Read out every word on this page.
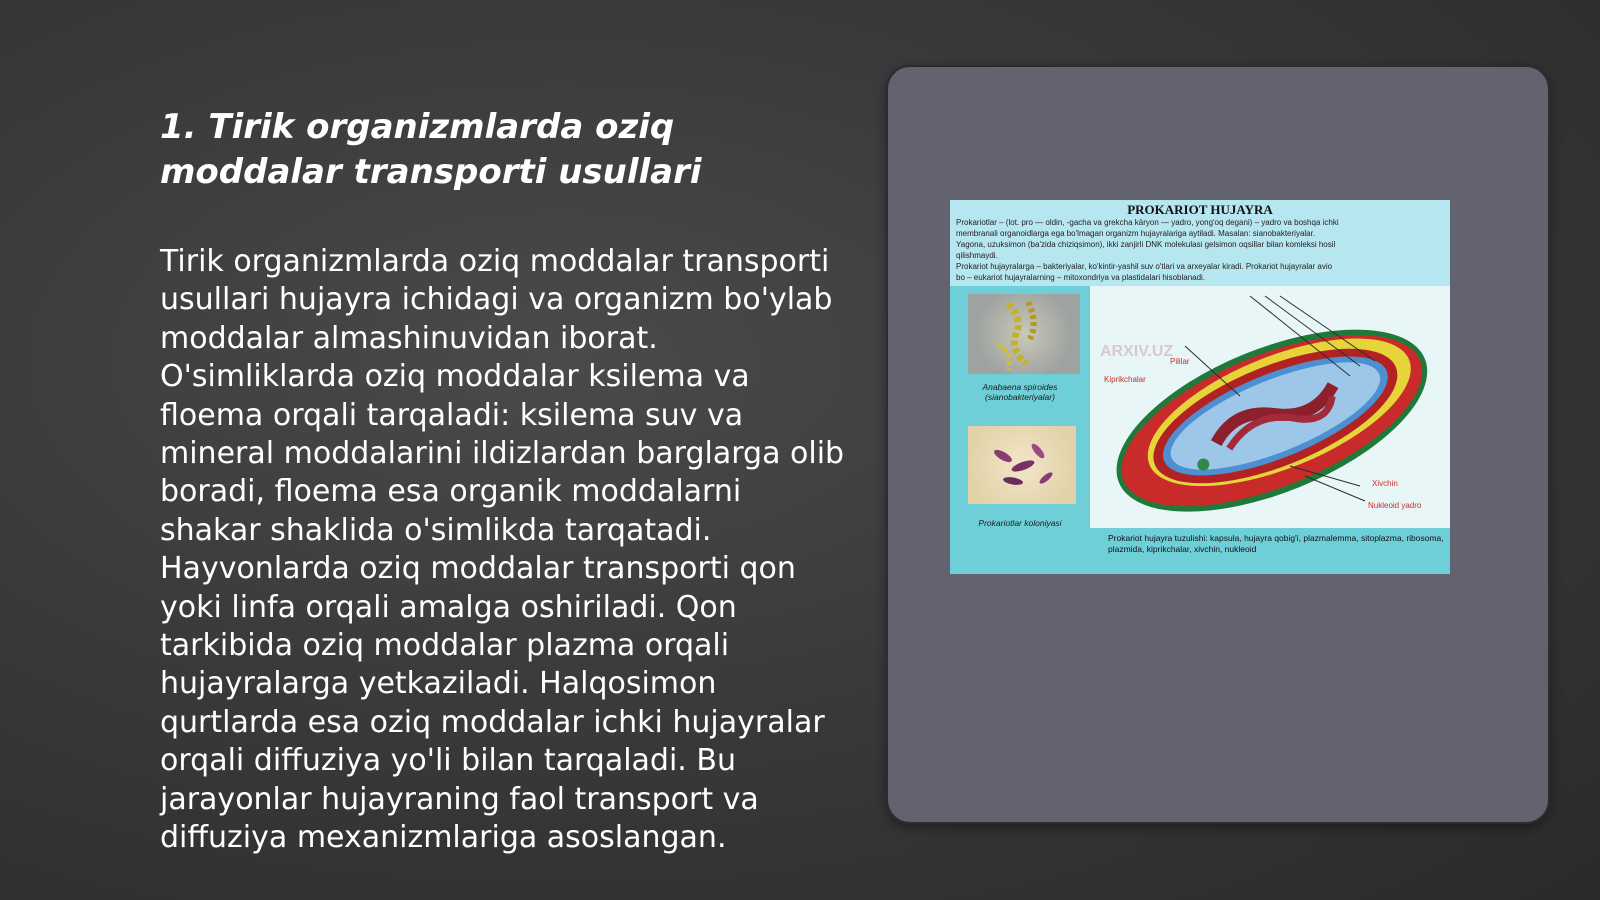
1. Tirik organizmlarda oziq moddalar transporti usullari

Tirik organizmlarda oziq moddalar transporti usullari hujayra ichidagi va organizm bo'ylab moddalar almashinuvidan iborat. O'simliklarda oziq moddalar ksilema va floema orqali tarqaladi: ksilema suv va mineral moddalarini ildizlardan barglarga olib boradi, floema esa organik moddalarni shakar shaklida o'simlikda tarqatadi. Hayvonlarda oziq moddalar transporti qon yoki linfa orqali amalga oshiriladi. Qon tarkibida oziq moddalar plazma orqali hujayralarga yetkaziladi. Halqosimon qurtlarda esa oziq moddalar ichki hujayralar orqali diffuziya yo'li bilan tarqaladi. Bu jarayonlar hujayraning faol transport va diffuziya mexanizmlariga asoslangan.

PROKARIOT HUJAYRA
Prokariotlar – (lot. pro — oldin, -gacha va grekcha käryon — yadro, yong'oq degani) – yadro va boshqa ichki
membranali organoidlarga ega bo'lmagan organizm hujayralariga aytiladi. Masalan: sianobakteriyalar.
Yagona, uzuksimon (ba'zida chiziqsimon), ikki zanjirli DNK molekulasi gelsimon oqsillar bilan komleksi hosil
qilishmaydi.
Prokariot hujayralarga – bakteriyalar, ko'kintir-yashil suv o'tlari va arxeyalar kiradi. Prokariot hujayralar avio
bo – eukariot hujayralarning – mitoxondriya va plastidalari hisoblanadi.
Anabaena spiroides (sianobakteriyalar)
Prokariotlar koloniyasi
ARXIV.UZ
Pililar
Kiprikchalar
Xivchin
Nukleoid yadro
Prokariot hujayra tuzulishi: kapsula, hujayra qobig'i, plazmalemma, sitoplazma, ribosoma, plazmida, kiprikchalar, xivchin, nukleoid
